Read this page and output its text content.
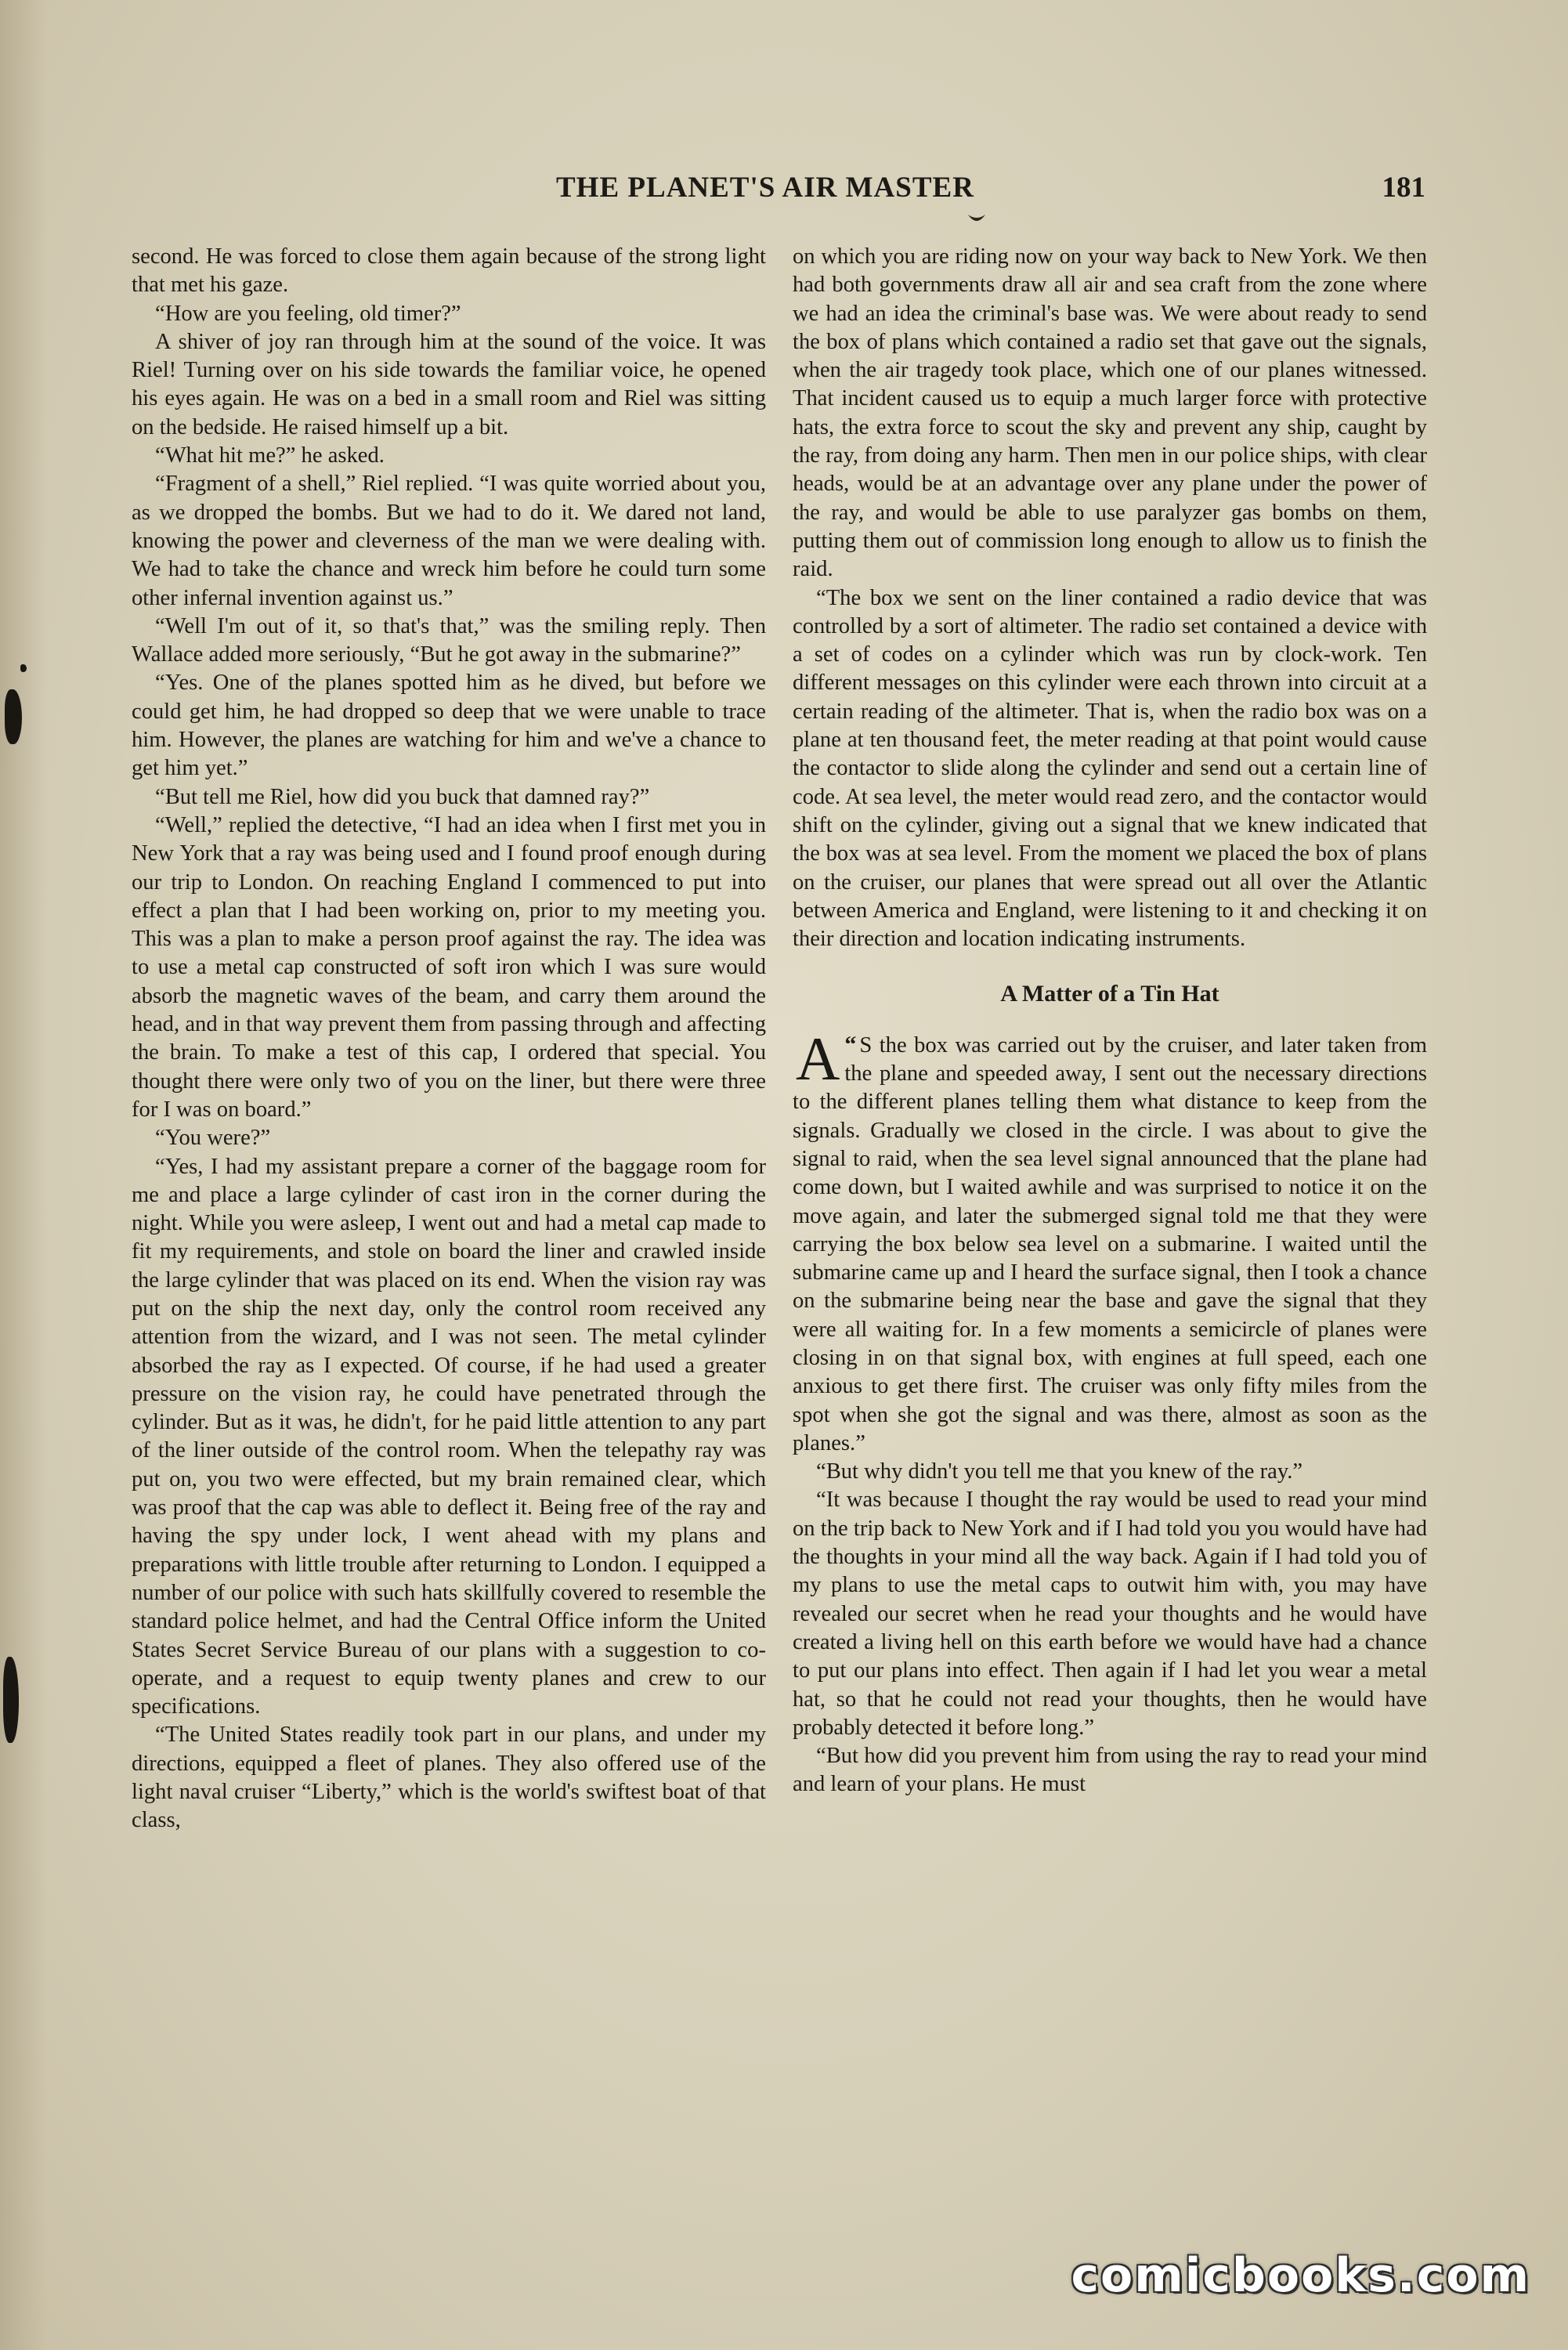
THE PLANET'S AIR MASTER	181

second. He was forced to close them again because of the strong light that met his gaze.

“How are you feeling, old timer?”

A shiver of joy ran through him at the sound of the voice. It was Riel! Turning over on his side towards the familiar voice, he opened his eyes again. He was on a bed in a small room and Riel was sitting on the bedside. He raised himself up a bit.

“What hit me?” he asked.

“Fragment of a shell,” Riel replied. “I was quite worried about you, as we dropped the bombs. But we had to do it. We dared not land, knowing the power and cleverness of the man we were dealing with. We had to take the chance and wreck him before he could turn some other infernal invention against us.”

“Well I'm out of it, so that's that,” was the smiling reply. Then Wallace added more seriously, “But he got away in the submarine?”

“Yes. One of the planes spotted him as he dived, but before we could get him, he had dropped so deep that we were unable to trace him. However, the planes are watching for him and we've a chance to get him yet.”

“But tell me Riel, how did you buck that damned ray?”

“Well,” replied the detective, “I had an idea when I first met you in New York that a ray was being used and I found proof enough during our trip to London. On reaching England I commenced to put into effect a plan that I had been working on, prior to my meeting you. This was a plan to make a person proof against the ray. The idea was to use a metal cap constructed of soft iron which I was sure would absorb the magnetic waves of the beam, and carry them around the head, and in that way prevent them from passing through and affecting the brain. To make a test of this cap, I ordered that special. You thought there were only two of you on the liner, but there were three for I was on board.”

“You were?”

“Yes, I had my assistant prepare a corner of the baggage room for me and place a large cylinder of cast iron in the corner during the night. While you were asleep, I went out and had a metal cap made to fit my requirements, and stole on board the liner and crawled inside the large cylinder that was placed on its end. When the vision ray was put on the ship the next day, only the control room received any attention from the wizard, and I was not seen. The metal cylinder absorbed the ray as I expected. Of course, if he had used a greater pressure on the vision ray, he could have penetrated through the cylinder. But as it was, he didn't, for he paid little attention to any part of the liner outside of the control room. When the telepathy ray was put on, you two were effected, but my brain remained clear, which was proof that the cap was able to deflect it. Being free of the ray and having the spy under lock, I went ahead with my plans and preparations with little trouble after returning to London. I equipped a number of our police with such hats skillfully covered to resemble the standard police helmet, and had the Central Office inform the United States Secret Service Bureau of our plans with a suggestion to co-operate, and a request to equip twenty planes and crew to our specifications.

“The United States readily took part in our plans, and under my directions, equipped a fleet of planes. They also offered use of the light naval cruiser “Liberty,” which is the world's swiftest boat of that class,

on which you are riding now on your way back to New York. We then had both governments draw all air and sea craft from the zone where we had an idea the criminal's base was. We were about ready to send the box of plans which contained a radio set that gave out the signals, when the air tragedy took place, which one of our planes witnessed. That incident caused us to equip a much larger force with protective hats, the extra force to scout the sky and prevent any ship, caught by the ray, from doing any harm. Then men in our police ships, with clear heads, would be at an advantage over any plane under the power of the ray, and would be able to use paralyzer gas bombs on them, putting them out of commission long enough to allow us to finish the raid.

“The box we sent on the liner contained a radio device that was controlled by a sort of altimeter. The radio set contained a device with a set of codes on a cylinder which was run by clock-work. Ten different messages on this cylinder were each thrown into circuit at a certain reading of the altimeter. That is, when the radio box was on a plane at ten thousand feet, the meter reading at that point would cause the contactor to slide along the cylinder and send out a certain line of code. At sea level, the meter would read zero, and the contactor would shift on the cylinder, giving out a signal that we knew indicated that the box was at sea level. From the moment we placed the box of plans on the cruiser, our planes that were spread out all over the Atlantic between America and England, were listening to it and checking it on their direction and location indicating instruments.

A Matter of a Tin Hat

“
A S the box was carried out by the cruiser, and later taken from the plane and speeded away, I sent out the necessary directions to the different planes telling them what distance to keep from the signals. Gradually we closed in the circle. I was about to give the signal to raid, when the sea level signal announced that the plane had come down, but I waited awhile and was surprised to notice it on the move again, and later the submerged signal told me that they were carrying the box below sea level on a submarine. I waited until the submarine came up and I heard the surface signal, then I took a chance on the submarine being near the base and gave the signal that they were all waiting for. In a few moments a semicircle of planes were closing in on that signal box, with engines at full speed, each one anxious to get there first. The cruiser was only fifty miles from the spot when she got the signal and was there, almost as soon as the planes.”

“But why didn't you tell me that you knew of the ray.”

“It was because I thought the ray would be used to read your mind on the trip back to New York and if I had told you you would have had the thoughts in your mind all the way back. Again if I had told you of my plans to use the metal caps to outwit him with, you may have revealed our secret when he read your thoughts and he would have created a living hell on this earth before we would have had a chance to put our plans into effect. Then again if I had let you wear a metal hat, so that he could not read your thoughts, then he would have probably detected it before long.”

“But how did you prevent him from using the ray to read your mind and learn of your plans. He must

comicbooks.com
